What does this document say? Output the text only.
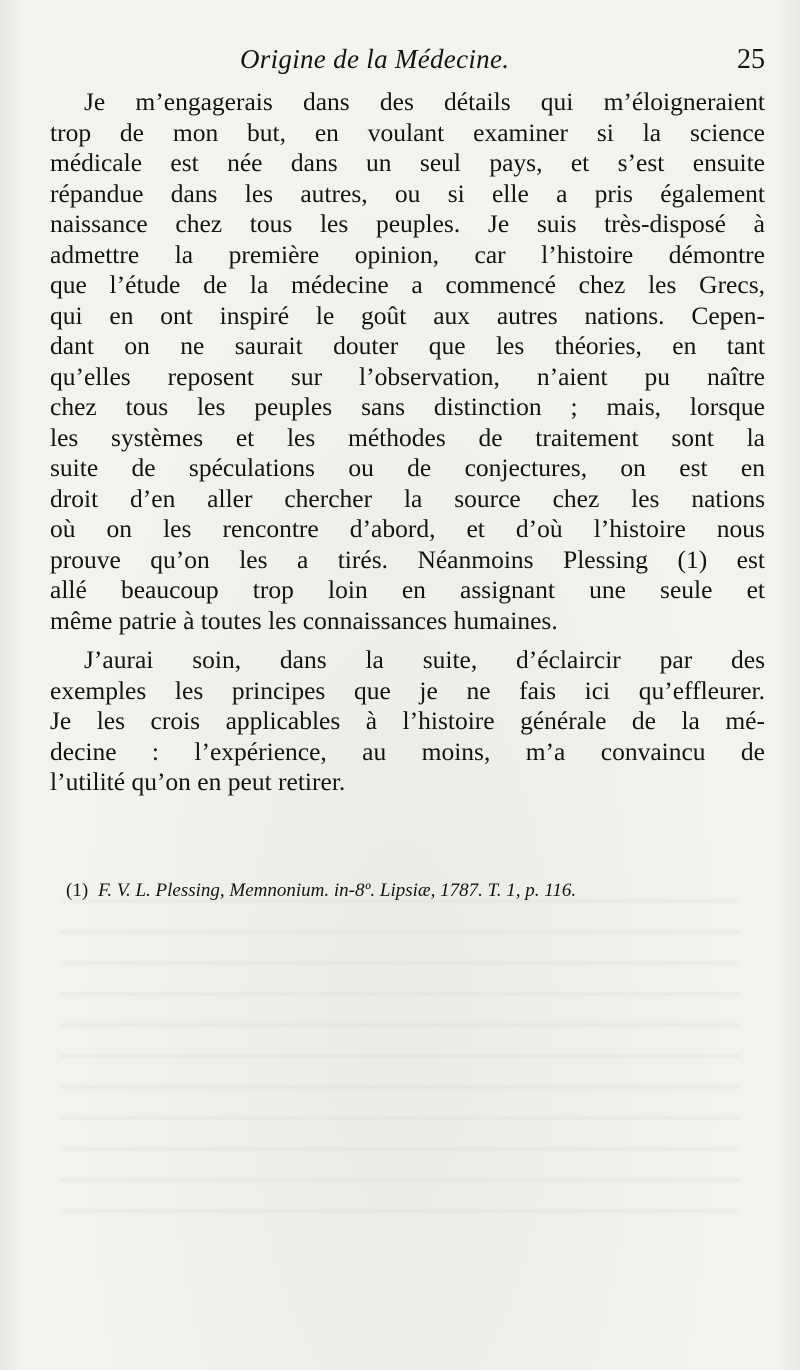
Origine de la Médecine.	25
Je m’engagerais dans des détails qui m’éloigneraient
trop de mon but, en voulant examiner si la science
médicale est née dans un seul pays, et s’est ensuite
répandue dans les autres, ou si elle a pris également
naissance chez tous les peuples. Je suis très-disposé à
admettre la première opinion, car l’histoire démontre
que l’étude de la médecine a commencé chez les Grecs,
qui en ont inspiré le goût aux autres nations. Cepen-
dant on ne saurait douter que les théories, en tant
qu’elles reposent sur l’observation, n’aient pu naître
chez tous les peuples sans distinction ; mais, lorsque
les systèmes et les méthodes de traitement sont la
suite de spéculations ou de conjectures, on est en
droit d’en aller chercher la source chez les nations
où on les rencontre d’abord, et d’où l’histoire nous
prouve qu’on les a tirés. Néanmoins Plessing (1) est
allé beaucoup trop loin en assignant une seule et
même patrie à toutes les connaissances humaines.
J’aurai soin, dans la suite, d’éclaircir par des
exemples les principes que je ne fais ici qu’effleurer.
Je les crois applicables à l’histoire générale de la mé-
decine : l’expérience, au moins, m’a convaincu de
l’utilité qu’on en peut retirer.
(1) F. V. L. Plessing, Memnonium. in-8º. Lipsiæ, 1787. T. 1, p. 116.
